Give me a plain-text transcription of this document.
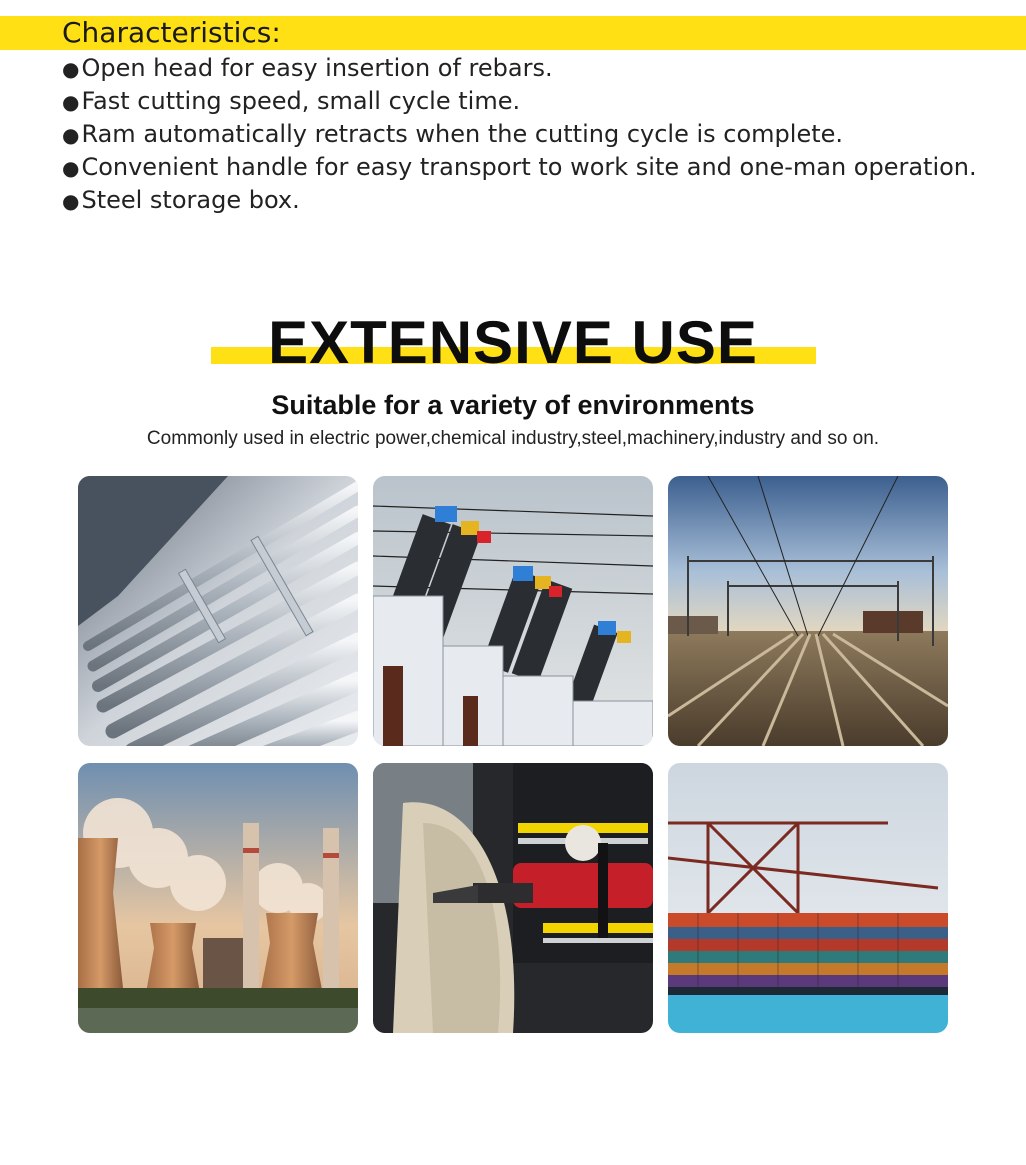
Characteristics:
●Open head for easy insertion of rebars.
●Fast cutting speed, small cycle time.
●Ram automatically retracts when the cutting cycle is complete.
●Convenient handle for easy transport to work site and one-man operation.
●Steel storage box.
EXTENSIVE USE
Suitable for a variety of environments
Commonly used in electric power,chemical industry,steel,machinery,industry and so on.
